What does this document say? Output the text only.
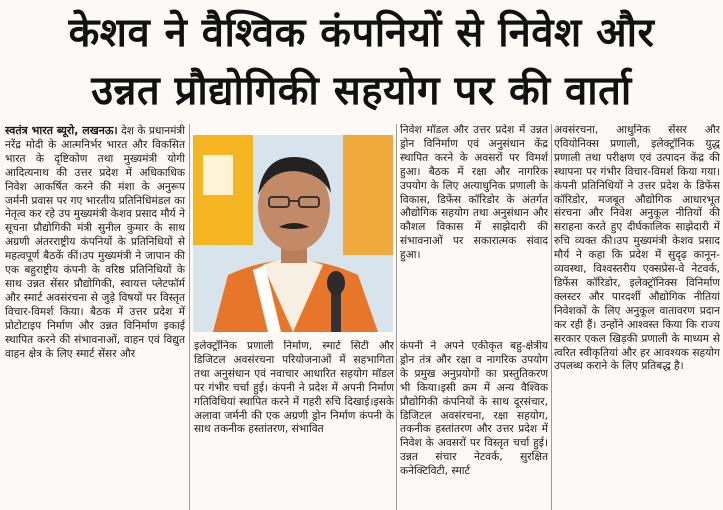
केशव ने वैश्विक कंपनियों से निवेश और
उन्नत प्रौद्योगिकी सहयोग पर की वार्ता

स्वतंत्र भारत ब्यूरो, लखनऊ। देश के प्रधानमंत्री नरेंद्र मोदी के आत्मनिर्भर भारत और विकसित भारत के दृष्टिकोण तथा मुख्यमंत्री योगी आदित्यनाथ की उत्तर प्रदेश में अधिकाधिक निवेश आकर्षित करने की मंशा के अनुरूप जर्मनी प्रवास पर गए भारतीय प्रतिनिधिमंडल का नेतृत्व कर रहे उप मुख्यमंत्री केशव प्रसाद मौर्य ने सूचना प्रौद्योगिकी मंत्री सुनील कुमार के साथ अग्रणी अंतरराष्ट्रीय कंपनियों के प्रतिनिधियों से महत्वपूर्ण बैठकें कीं।उप मुख्यमंत्री ने जापान की एक बहुराष्ट्रीय कंपनी के वरिष्ठ प्रतिनिधियों के साथ उन्नत सेंसर प्रौद्योगिकी, स्वायत्त प्लेटफॉर्म और स्मार्ट अवसंरचना से जुड़े विषयों पर विस्तृत विचार-विमर्श किया। बैठक में उत्तर प्रदेश में प्रोटोटाइप निर्माण और उन्नत विनिर्माण इकाई स्थापित करने की संभावनाओं, वाहन एवं विद्युत वाहन क्षेत्र के लिए स्मार्ट सेंसर और

इलेक्ट्रॉनिक प्रणाली निर्माण, स्मार्ट सिटी और डिजिटल अवसंरचना परियोजनाओं में सहभागिता तथा अनुसंधान एवं नवाचार आधारित सहयोग मॉडल पर गंभीर चर्चा हुई। कंपनी ने प्रदेश में अपनी निर्माण गतिविधियां स्थापित करने में गहरी रुचि दिखाई।इसके अलावा जर्मनी की एक अग्रणी ड्रोन निर्माण कंपनी के साथ तकनीक हस्तांतरण, संभावित

निवेश मॉडल और उत्तर प्रदेश में उन्नत ड्रोन विनिर्माण एवं अनुसंधान केंद्र स्थापित करने के अवसरों पर विमर्श हुआ। बैठक में रक्षा और नागरिक उपयोग के लिए अत्याधुनिक प्रणाली के विकास, डिफेंस कॉरिडोर के अंतर्गत औद्योगिक सहयोग तथा अनुसंधान और कौशल विकास में साझेदारी की संभावनाओं पर सकारात्मक संवाद हुआ।

कंपनी ने अपने एकीकृत बहु-क्षेत्रीय ड्रोन तंत्र और रक्षा व नागरिक उपयोग के प्रमुख अनुप्रयोगों का प्रस्तुतिकरण भी किया।इसी क्रम में अन्य वैश्विक प्रौद्योगिकी कंपनियों के साथ दूरसंचार, डिजिटल अवसंरचना, रक्षा सहयोग, तकनीक हस्तांतरण और उत्तर प्रदेश में निवेश के अवसरों पर विस्तृत चर्चा हुई। उन्नत संचार नेटवर्क, सुरक्षित कनेक्टिविटी, स्मार्ट

अवसंरचना, आधुनिक सेंसर और एवियोनिक्स प्रणाली, इलेक्ट्रॉनिक युद्ध प्रणाली तथा परीक्षण एवं उत्पादन केंद्र की स्थापना पर गंभीर विचार-विमर्श किया गया। कंपनी प्रतिनिधियों ने उत्तर प्रदेश के डिफेंस कॉरिडोर, मजबूत औद्योगिक आधारभूत संरचना और निवेश अनुकूल नीतियों की सराहना करते हुए दीर्घकालिक साझेदारी में रुचि व्यक्त की।उप मुख्यमंत्री केशव प्रसाद मौर्य ने कहा कि प्रदेश में सुदृढ़ कानून-व्यवस्था, विश्वस्तरीय एक्सप्रेस-वे नेटवर्क, डिफेंस कॉरिडोर, इलेक्ट्रॉनिक्स विनिर्माण क्लस्टर और पारदर्शी औद्योगिक नीतियां निवेशकों के लिए अनुकूल वातावरण प्रदान कर रही हैं। उन्होंने आश्वस्त किया कि राज्य सरकार एकल खिड़की प्रणाली के माध्यम से त्वरित स्वीकृतियां और हर आवश्यक सहयोग उपलब्ध कराने के लिए प्रतिबद्ध है।
